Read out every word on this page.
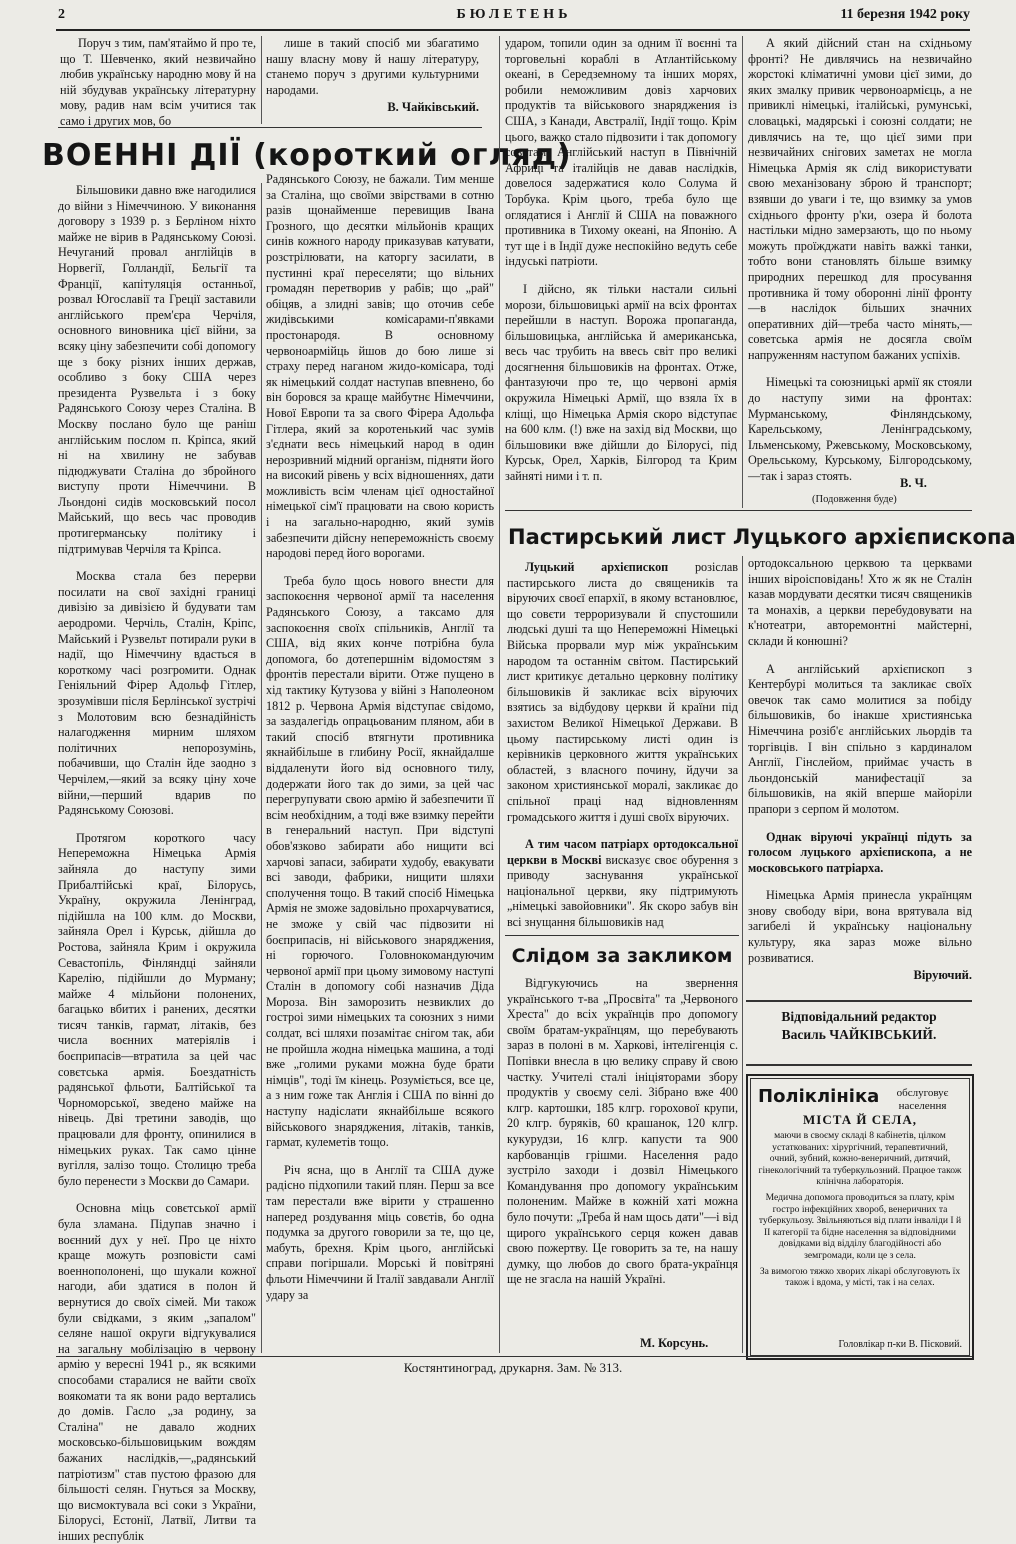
2	БЮЛЕТЕНЬ	11 березня 1942 року

Поруч з тим, пам'ятаймо й про те, що Т. Шевченко, який незвичайно любив українську народню мову й на ній збудував українську літературну мову, радив нам всім учитися так само і других мов, бо

лише в такий спосіб ми збагатимо нашу власну мову й нашу літературу, станемо поруч з другими культурними народами.

В. Чайківський.
ВОЕННІ ДІЇ (короткий огляд)

Більшовики давно вже нагодилися до війни з Німеччиною. У виконання договору з 1939 р. з Берліном ніхто майже не вірив в Радянському Союзі. Нечуганий провал англійців в Норвегії, Голландії, Бельгії та Франції, капітуляція останньої, розвал Югославії та Греції заставили англійського прем'єра Черчіля, основного виновника цієї війни, за всяку ціну забезпечити собі допомогу ще з боку різних інших держав, особливо з боку США через президента Рузвельта і з боку Радянського Союзу через Сталіна. В Москву послано було ще раніш англійським послом п. Кріпса, який ні на хвилину не забував підюджувати Сталіна до збройного виступу проти Німеччини. В Льондоні сидів московський посол Майський, що весь час проводив протигерманську політику і підтримував Черчіля та Кріпса.

Москва стала без перерви посилати на свої західні границі дивізію за дивізією й будувати там аеродроми. Черчіль, Сталін, Кріпс, Майський і Рузвельт потирали руки в надії, що Німеччину вдасться в короткому часі розгромити. Однак Геніяльний Фірер Адольф Гітлер, зрозумівши після Берлінської зустрічі з Молотовим всю безнадійність налагодження мирним шляхом політичних непорозумінь, побачивши, що Сталін йде заодно з Черчілем,—який за всяку ціну хоче війни,—перший вдарив по Радянському Союзові.

Протягом короткого часу Непереможна Німецька Армія зайняла до наступу зими Прибалтійські краї, Білорусь, Україну, окружила Ленінград, підійшла на 100 клм. до Москви, зайняла Орел і Курськ, дійшла до Ростова, зайняла Крим і окружила Севастопіль, Фінляндці зайняли Карелію, підійшли до Мурману; майже 4 мільйони полонених, багацько вбитих і ранених, десятки тисяч танків, гармат, літаків, без числа воєнних матеріялів і боєприпасів—втратила за цей час совєтська армія. Боездатність радянської фльоти, Балтійської та Чорноморської, зведено майже на нівець. Дві третини заводів, що працювали для фронту, опинилися в німецьких руках. Так само цінне вугілля, залізо тощо. Столицю треба було перенести з Москви до Самари.

Основна міць совєтської армії була зламана. Підупав значно і воєнний дух у неї. Про це ніхто краще можуть розповісти самі военнополонені, що шукали кожної нагоди, аби здатися в полон й вернутися до своїх сімей. Ми також були свідками, з яким „запалом" селяне нашої округи відгукувалися на загальну мобілізацію в червону армію у вересні 1941 р., як всякими способами старалися не вайти своїх воякомати та як вони радо вертались до домів. Гасло „за родину, за Сталіна" не давало жодних московсько-більшовицьким вождям бажаних наслідків,—„радянський патріотизм" став пустою фразою для більшості селян. Гнуться за Москву, що висмоктувала всі соки з України, Білорусі, Естонії, Латвії, Литви та інших республік

Радянського Союзу, не бажали. Тим менше за Сталіна, що своїми звірствами в сотню разів щонайменше перевищив Івана Грозного, що десятки мільйонів кращих синів кожного народу приказував катувати, розстрілювати, на каторгу засилати, в пустинні краї переселяти; що вільних громадян перетворив у рабів; що „рай" обіцяв, а злидні завів; що оточив себе жидівськими комісарами-п'явками простонародя. В основному червоноармійць йшов до бою лише зі страху перед наганом жидо-комісара, тоді як німецький солдат наступав впевнено, бо він боровся за краще майбутнє Німеччини, Нової Европи та за свого Фірера Адольфа Гітлера, який за коротенький час зумів з'єднати весь німецький народ в один нерозривний мідний організм, підняти його на високий рівень у всіх відношеннях, дати можливість всім членам цієї одностайної німецької сім'ї працювати на свою користь і на загально-народню, який зумів забезпечити дійсну непереможність своєму народові перед його ворогами.

Треба було щось нового внести для заспокоєння червоної армії та населення Радянського Союзу, а таксамо для заспокоєння своїх спільників, Англії та США, від яких конче потрібна була допомога, бо дотепершнім відомостям з фронтів перестали вірити. Отже пущено в хід тактику Кутузова у війні з Наполеоном 1812 р. Червона Армія відступає свідомо, за заздалегідь опрацьованим пляном, аби в такий спосіб втягнути противника якнайбільше в глибину Росії, якнайдалше віддаленути його від основного тилу, додержати його так до зими, за цей час перегрупувати свою армію й забезпечити її всім необхідним, а тоді вже взимку перейти в генеральний наступ. При відступі обов'язково забирати або нищити всі харчові запаси, забирати худобу, евакувати всі заводи, фабрики, нищити шляхи сполучення тощо. В такий спосіб Німецька Армія не зможе задовільно прохарчуватися, не зможе у свій час підвозити ні боєприпасів, ні військового знаряджения, ні горючого. Головнокомандуючим червоної армії при цьому зимовому наступі Сталін в допомогу собі назначив Діда Мороза. Він заморозить незвиклих до гостроі зими німецьких та союзних з ними солдат, всі шляхи позамітає снігом так, аби не пройшла жодна німецька машина, а тоді вже „голими руками можна буде брати німців", тоді їм кінець. Розуміється, все це, а з ним гоже так Англія і США по вінні до наступу надіслати якнайбільше всякого військового знаряджения, літаків, танків, гармат, кулеметів тощо.

Річ ясна, що в Англії та США дуже радісно підхопили такий плян. Перш за все там перестали вже вірити у страшенно наперед роздування міць совєтів, бо одна подумка за другого говорили за те, що це, мабуть, брехня. Крім цього, англійські справи погіршали. Морські й повітряні фльоти Німеччини й Італії завдавали Англії удару за

ударом, топили один за одним її воєнні та торговельні кораблі в Атлантійському океані, в Середземному та інших морях, робили неможливим довіз харчових продуктів та військового знаряджения із США, з Канади, Австралії, Індії тощо. Крім цього, важко стало підвозити і так допомогу советам. Англійський наступ в Північній Африці та італійців не давав наслідків, довелося задержатися коло Солума й Торбука. Крім цього, треба було ще оглядатися і Англії й США на поважного противника в Тихому океані, на Японію. А тут ще і в Індії дуже неспокійно ведуть себе індуські патріоти.

І дійсно, як тільки настали сильні морози, більшовицькі армії на всіх фронтах перейшли в наступ. Ворожа пропаганда, більшовицька, англійська й американська, весь час трубить на ввесь світ про великі досягнення більшовиків на фронтах. Отже, фантазуючи про те, що червоні армія окружила Німецькі Армії, що взяла їх в кліщі, що Німецька Армія скоро відступає на 600 клм. (!) вже на захід від Москви, що більшовики вже дійшли до Білорусі, під Курськ, Орел, Харків, Білгород та Крим зайняті ними і т. п.

А який дійсний стан на східньому фронті? Не дивлячись на незвичайно жорстокі кліматичні умови цієї зими, до яких змалку привик червоноармієць, а не привиклі німецькі, італійські, румунські, словацькі, мадярські і союзні солдати; не дивлячись на те, що цієї зими при незвичайних снігових заметах не могла Німецька Армія як слід використувати свою механізовану зброю й транспорт; взявши до уваги і те, що взимку за умов східнього фронту р'ки, озера й болота настільки мідно замерзають, що по ньому можуть проїжджати навіть важкі танки, тобто вони становлять більше взимку природних перешкод для просування противника й тому оборонні лінії фронту—в наслідок більших значних оперативних дій—треба часто мінять,—советська армія не досягла своїм напруженням наступом бажаних успіхів.

Німецькі та союзницькі армії як стояли до наступу зими на фронтах: Мурманському, Фінляндському, Карельському, Ленінградському, Ільменському, Ржевському, Московському, Орельському, Курському, Білгородському,—так і зараз стоять.	В. Ч.
(Подовження буде)
Пастирський лист Луцького архієпископа

Луцький архієпископ розіслав пастирського листа до священиків та віруючих своєї епархії, в якому встановлює, що совєти терроризували й спустошили людські душі та що Непереможні Німецькі Війська прорвали мур між українським народом та останнім світом. Пастирський лист критикує детально церковну політику більшовиків й закликає всіх віруючих взятись за відбудову церкви й країни під захистом Великої Німецької Держави. В цьому пастирському листі один із керівників церковного життя українських областей, з власного почину, йдучи за законом християнської моралі, закликає до спільної праці над відновленням громадського життя і душі своїх віруючих.

А тим часом патріарх ортодоксальної церкви в Москві висказує своє обурення з приводу заснування української національної церкви, яку підтримують „німецькі завойовники". Як скоро забув він всі знущання більшовиків над

ортодоксальною церквою та церквами інших віроісповідань! Хто ж як не Сталін казав мордувати десятки тисяч священиків та монахів, а церкви перебудовувати на к'нотеатри, авторемонтні майстерні, склади й конюшні?

А англійський архієпископ з Кентербурі молиться та закликає своїх овечок так само молитися за побіду більшовиків, бо інакше християнська Німеччина розіб'є англійських льордів та торгівців. І він спільно з кардиналом Англії, Гінслейом, приймає участь в льондонській манифестації за більшовиків, на якій вперше майоріли прапори з серпом й молотом.

Однак віруючі українці підуть за голосом луцького архієпископа, а не московського патріарха.

Німецька Армія принесла українцям знову свободу віри, вона врятувала від загибелі й українську національну культуру, яка зараз може вільно розвиватися.

Віруючий.
Слідом за закликом

Відгукуючись на звернення українського т-ва „Просвіта" та „Червоного Хреста" до всіх українців про допомогу своїм братам-українцям, що перебувають зараз в полоні в м. Харкові, інтелігенція с. Попівки внесла в цю велику справу й свою частку. Учителі сталі ініціяторами збору продуктів у своєму селі. Зібрано вже 400 клгр. картошки, 185 клгр. горохової крупи, 20 клгр. буряків, 60 крашанок, 120 клгр. кукурудзи, 16 клгр. капусти та 900 карбованців грішми. Населення радо зустріло заходи і дозвіл Німецького Командування про допомогу українським полоненим. Майже в кожній хаті можна було почути: „Треба й нам щось дати"—і від щирого українського серця кожен давав свою пожертву. Це говорить за те, на нашу думку, що любов до свого брата-українця ще не згасла на нашій Україні.

М. Корсунь.
Відповідальний редактор
Василь ЧАЙКІВСЬКИЙ.
Поліклініка	обслуговує населення
МІСТА Й СЕЛА,

маючи в своєму складі 8 кабінетів, цілком устаткованих: хірургічний, терапевтичний, очний, зубний, кожно-венеричний, дитячий, гінекологічний та туберкульозний. Працюе також клінічна лабораторія.

Медична допомога проводиться за плату, крім гостро інфекційних хвороб, венеричних та туберкульозу. Звільняються від плати інваліди І й ІІ категорії та бідне населення за відповідними довідками від відділу благодійності або земгромади, коли це з села.

За вимогою тяжко хворих лікарі обслуговують їх також і вдома, у місті, так і на селах.

Головлікар п-ки В. Пісковий.
Костянтиноград, друкарня. Зам. № 313.
